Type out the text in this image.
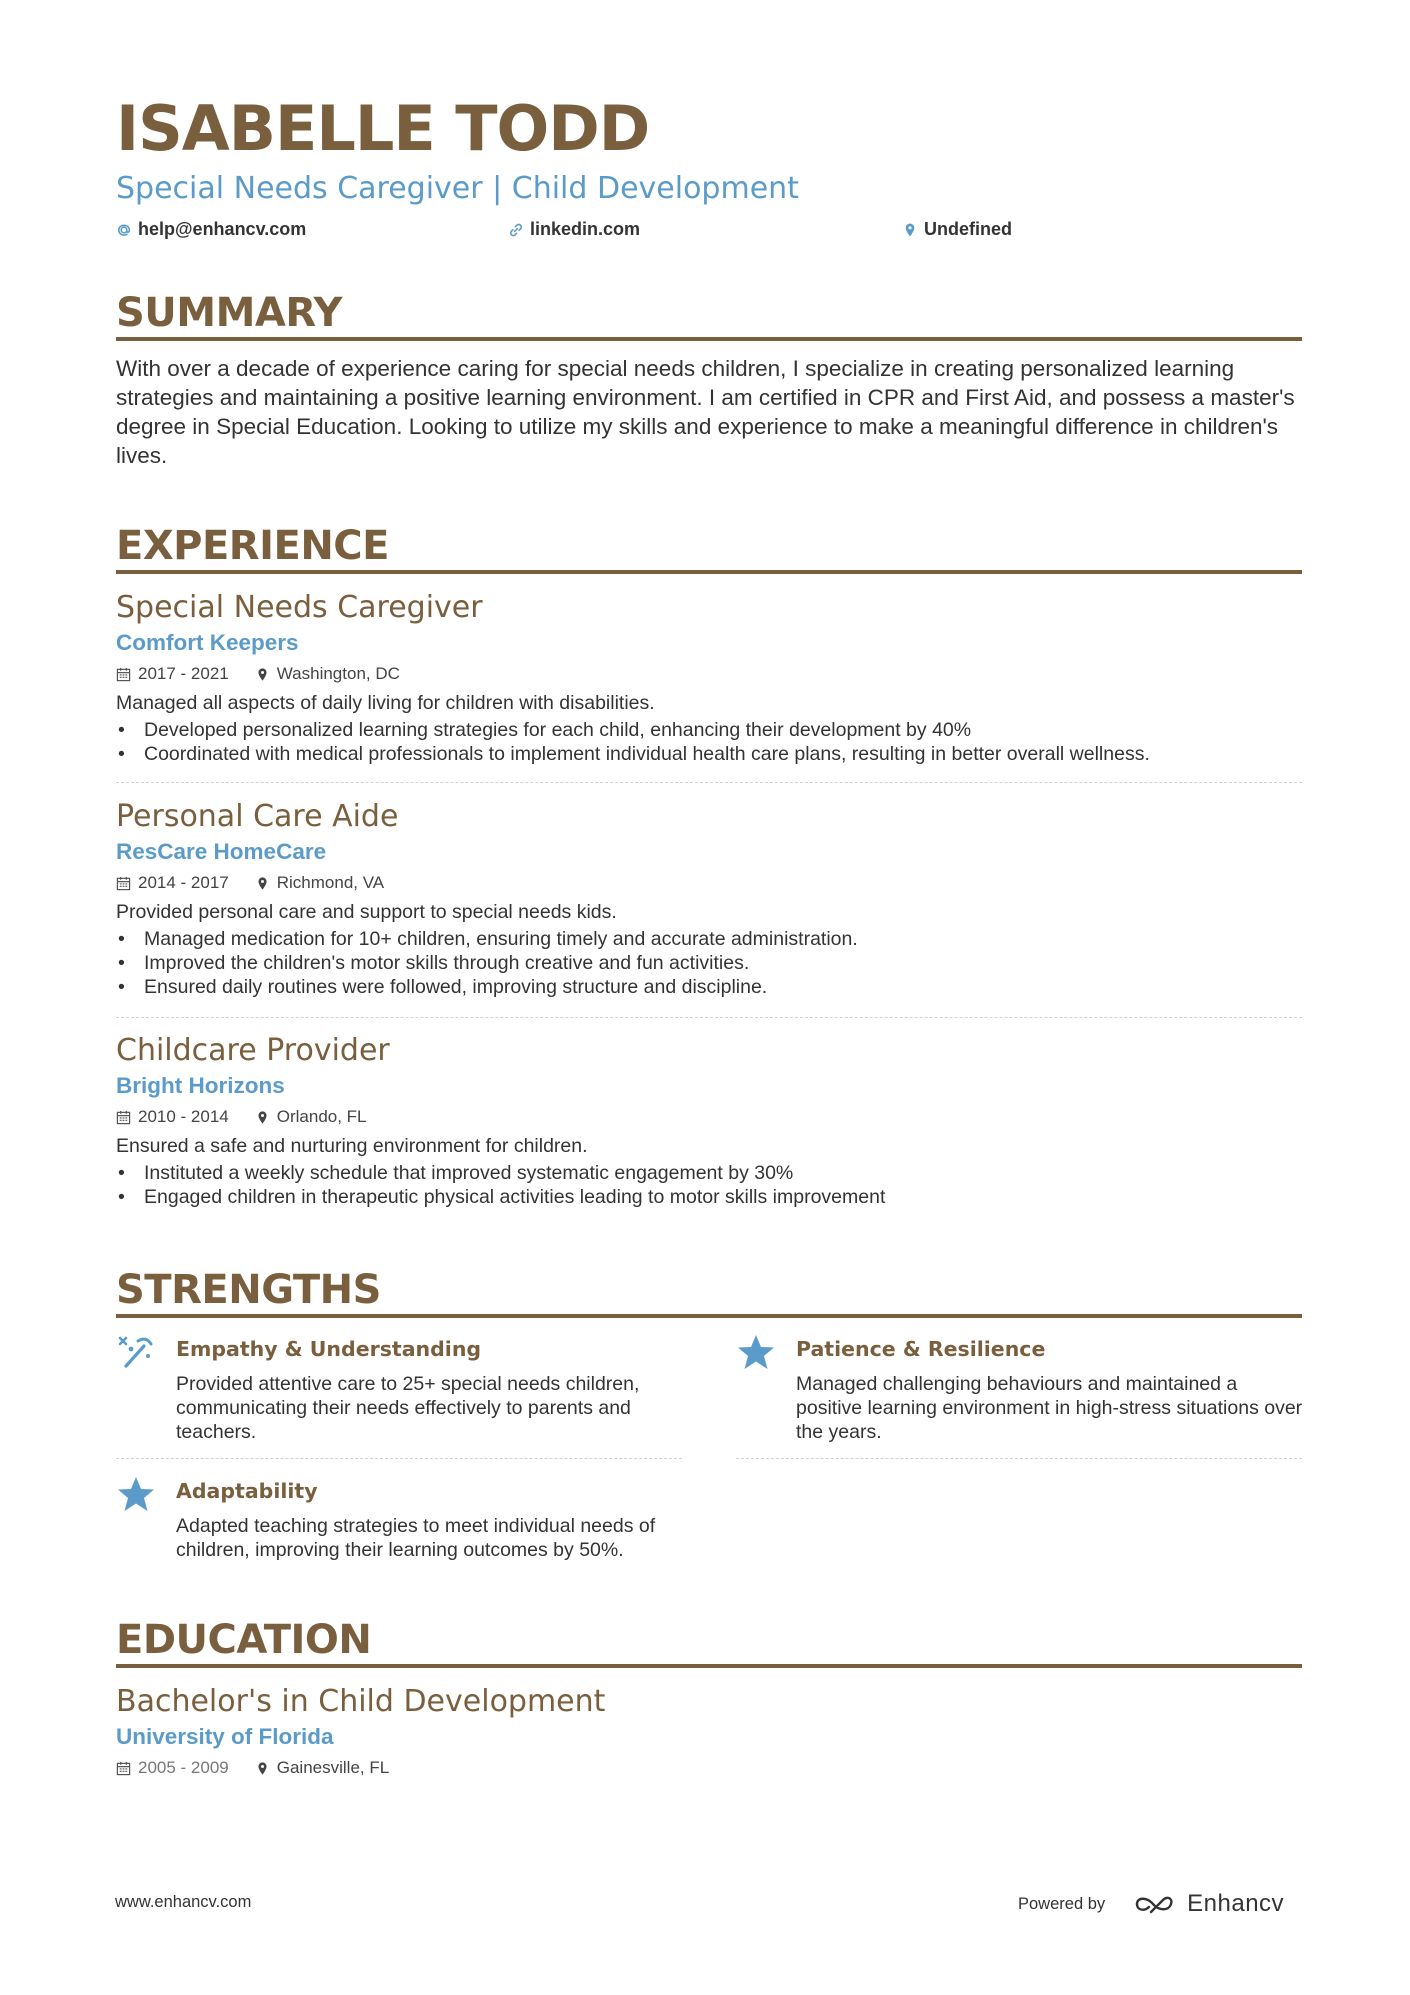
ISABELLE TODD
Special Needs Caregiver | Child Development
help@enhancv.com	linkedin.com	Undefined
SUMMARY
With over a decade of experience caring for special needs children, I specialize in creating personalized learning strategies and maintaining a positive learning environment. I am certified in CPR and First Aid, and possess a master's degree in Special Education. Looking to utilize my skills and experience to make a meaningful difference in children's lives.
EXPERIENCE
Special Needs Caregiver
Comfort Keepers
2017 - 2021	Washington, DC
Managed all aspects of daily living for children with disabilities.
• Developed personalized learning strategies for each child, enhancing their development by 40%
• Coordinated with medical professionals to implement individual health care plans, resulting in better overall wellness.
Personal Care Aide
ResCare HomeCare
2014 - 2017	Richmond, VA
Provided personal care and support to special needs kids.
• Managed medication for 10+ children, ensuring timely and accurate administration.
• Improved the children's motor skills through creative and fun activities.
• Ensured daily routines were followed, improving structure and discipline.
Childcare Provider
Bright Horizons
2010 - 2014	Orlando, FL
Ensured a safe and nurturing environment for children.
• Instituted a weekly schedule that improved systematic engagement by 30%
• Engaged children in therapeutic physical activities leading to motor skills improvement
STRENGTHS
Empathy & Understanding
Provided attentive care to 25+ special needs children, communicating their needs effectively to parents and teachers.
Patience & Resilience
Managed challenging behaviours and maintained a positive learning environment in high-stress situations over the years.
Adaptability
Adapted teaching strategies to meet individual needs of children, improving their learning outcomes by 50%.
EDUCATION
Bachelor's in Child Development
University of Florida
2005 - 2009	Gainesville, FL
www.enhancv.com	Powered by	Enhancv
